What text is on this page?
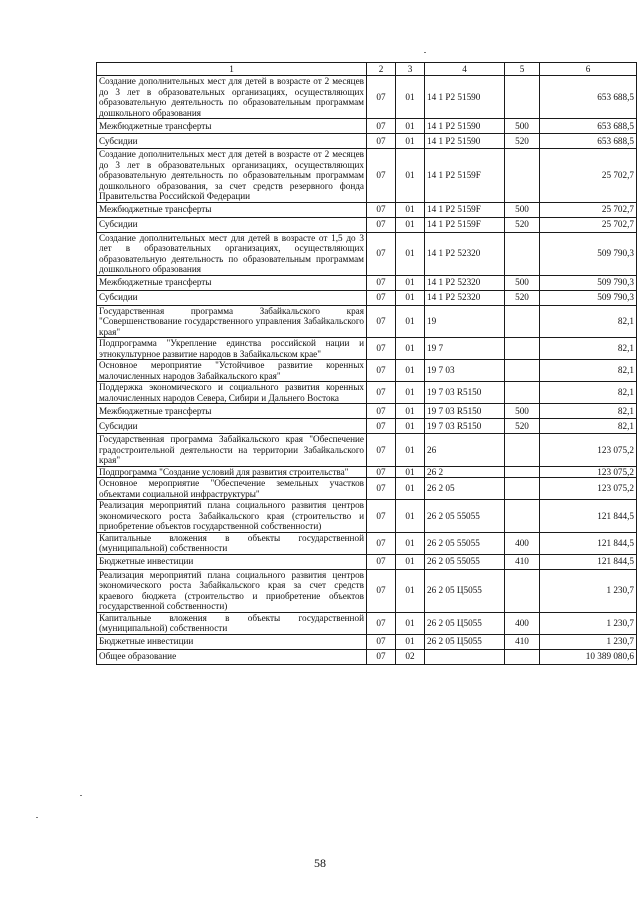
1	2	3	4	5	6
Создание дополнительных мест для детей в возрасте от 2 месяцев до 3 лет в образовательных организациях, осуществляющих образовательную деятельность по образовательным программам дошкольного образования	07	01	14 1 P2 51590		653 688,5
Межбюджетные трансферты	07	01	14 1 P2 51590	500	653 688,5
Субсидии	07	01	14 1 P2 51590	520	653 688,5
Создание дополнительных мест для детей в возрасте от 2 месяцев до 3 лет в образовательных организациях, осуществляющих образовательную деятельность по образовательным программам дошкольного образования, за счет средств резервного фонда Правительства Российской Федерации	07	01	14 1 P2 5159F		25 702,7
Межбюджетные трансферты	07	01	14 1 P2 5159F	500	25 702,7
Субсидии	07	01	14 1 P2 5159F	520	25 702,7
Создание дополнительных мест для детей в возрасте от 1,5 до 3 лет в образовательных организациях, осуществляющих образовательную деятельность по образовательным программам дошкольного образования	07	01	14 1 P2 52320		509 790,3
Межбюджетные трансферты	07	01	14 1 P2 52320	500	509 790,3
Субсидии	07	01	14 1 P2 52320	520	509 790,3
Государственная программа Забайкальского края "Совершенствование государственного управления Забайкальского края"	07	01	19		82,1
Подпрограмма "Укрепление единства российской нации и этнокультурное развитие народов в Забайкальском крае"	07	01	19 7		82,1
Основное мероприятие "Устойчивое развитие коренных малочисленных народов Забайкальского края"	07	01	19 7 03		82,1
Поддержка экономического и социального развития коренных малочисленных народов Севера, Сибири и Дальнего Востока	07	01	19 7 03 R5150		82,1
Межбюджетные трансферты	07	01	19 7 03 R5150	500	82,1
Субсидии	07	01	19 7 03 R5150	520	82,1
Государственная программа Забайкальского края "Обеспечение градостроительной деятельности на территории Забайкальского края"	07	01	26		123 075,2
Подпрограмма "Создание условий для развития строительства"	07	01	26 2		123 075,2
Основное мероприятие "Обеспечение земельных участков объектами социальной инфраструктуры"	07	01	26 2 05		123 075,2
Реализация мероприятий плана социального развития центров экономического роста Забайкальского края (строительство и приобретение объектов государственной собственности)	07	01	26 2 05 55055		121 844,5
Капитальные вложения в объекты государственной (муниципальной) собственности	07	01	26 2 05 55055	400	121 844,5
Бюджетные инвестиции	07	01	26 2 05 55055	410	121 844,5
Реализация мероприятий плана социального развития центров экономического роста Забайкальского края за счет средств краевого бюджета (строительство и приобретение объектов государственной собственности)	07	01	26 2 05 Ц5055		1 230,7
Капитальные вложения в объекты государственной (муниципальной) собственности	07	01	26 2 05 Ц5055	400	1 230,7
Бюджетные инвестиции	07	01	26 2 05 Ц5055	410	1 230,7
Общее образование	07	02			10 389 080,6
58
